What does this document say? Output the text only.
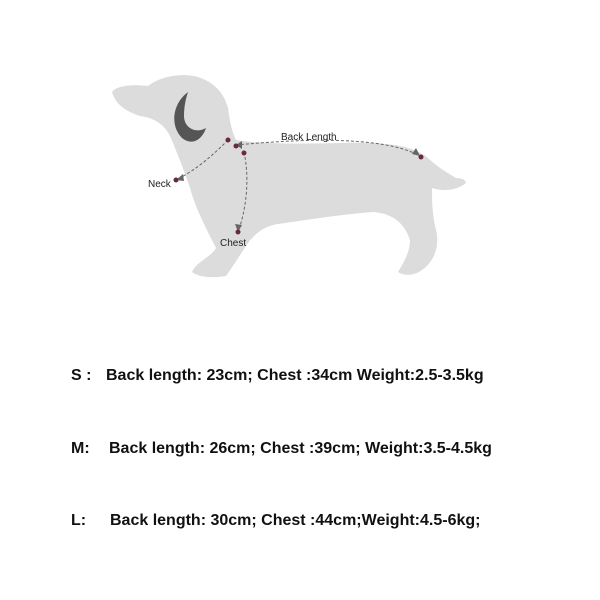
Back Length
Neck
Chest
S : Back length: 23cm; Chest :34cm Weight:2.5-3.5kg
M: Back length: 26cm; Chest :39cm; Weight:3.5-4.5kg
L: Back length: 30cm; Chest :44cm;Weight:4.5-6kg;
